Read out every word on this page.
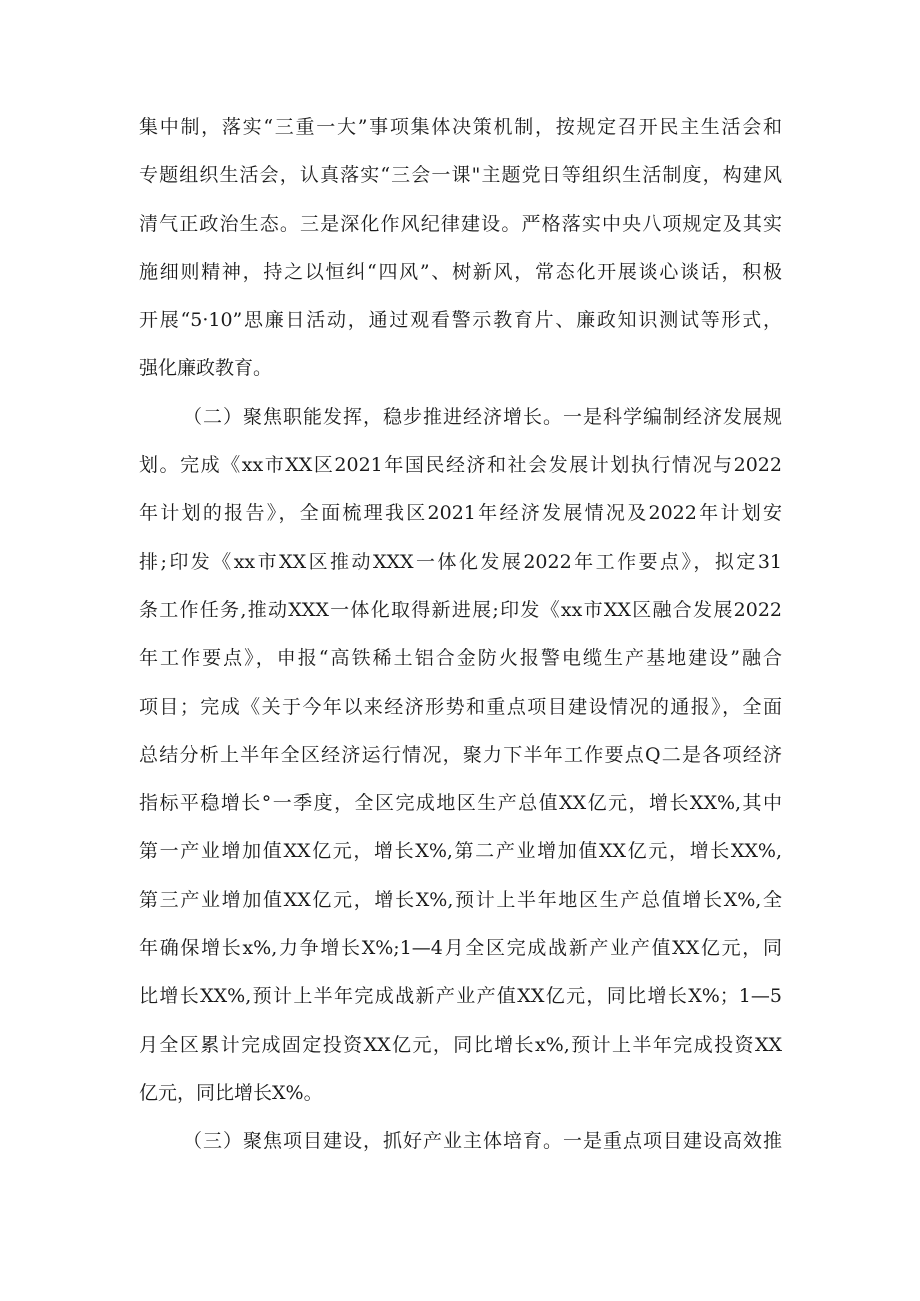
集中制，落实“三重一大”事项集体决策机制，按规定召开民主生活会和
专题组织生活会，认真落实“三会一课"主题党日等组织生活制度，构建风
清气正政治生态。三是深化作风纪律建设。严格落实中央八项规定及其实
施细则精神，持之以恒纠“四风”、树新风，常态化开展谈心谈话，积极
开展“5·10”思廉日活动，通过观看警示教育片、廉政知识测试等形式，
强化廉政教育。
（二）聚焦职能发挥，稳步推进经济增长。一是科学编制经济发展规
划。完成《xx市XX区2021年国民经济和社会发展计划执行情况与2022
年计划的报告》，全面梳理我区2021年经济发展情况及2022年计划安
排;印发《xx市XX区推动XXX一体化发展2022年工作要点》，拟定31
条工作任务,推动XXX一体化取得新进展;印发《xx市XX区融合发展2022
年工作要点》，申报“高铁稀土铝合金防火报警电缆生产基地建设”融合
项目；完成《关于今年以来经济形势和重点项目建设情况的通报》，全面
总结分析上半年全区经济运行情况，聚力下半年工作要点Q二是各项经济
指标平稳增长°一季度，全区完成地区生产总值XX亿元，增长XX%,其中
第一产业增加值XX亿元，增长X%,第二产业增加值XX亿元，增长XX%,
第三产业增加值XX亿元，增长X%,预计上半年地区生产总值增长X%,全
年确保增长x%,力争增长X%;1—4月全区完成战新产业产值XX亿元，同
比增长XX%,预计上半年完成战新产业产值XX亿元，同比增长X%；1—5
月全区累计完成固定投资XX亿元，同比增长x%,预计上半年完成投资XX
亿元，同比增长X%。
（三）聚焦项目建设，抓好产业主体培育。一是重点项目建设高效推
